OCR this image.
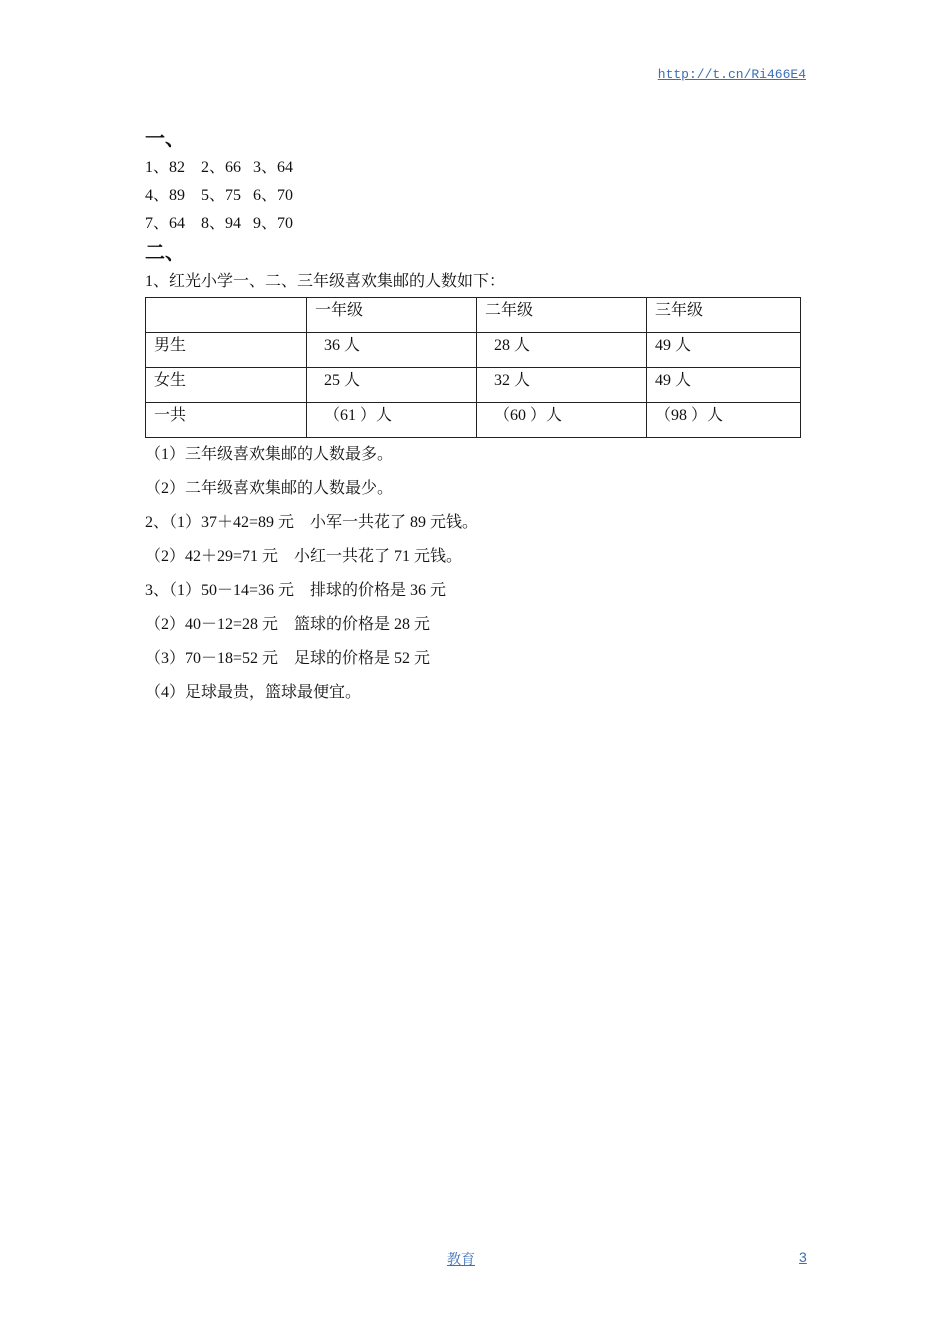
http://t.cn/Ri466E4
一、
1、82    2、66   3、64
4、89    5、75   6、70
7、64    8、94   9、70
二、
1、红光小学一、二、三年级喜欢集邮的人数如下：
	一年级	二年级	三年级
男生	36 人	28 人	49 人
女生	25 人	32 人	49 人
一共	（61 ）人	（60 ）人	（98 ）人
（1）三年级喜欢集邮的人数最多。
（2）二年级喜欢集邮的人数最少。
2、（1）37＋42=89 元    小军一共花了 89 元钱。
（2）42＋29=71 元    小红一共花了 71 元钱。
3、（1）50－14=36 元    排球的价格是 36 元
（2）40－12=28 元    篮球的价格是 28 元
（3）70－18=52 元    足球的价格是 52 元
（4）足球最贵，篮球最便宜。
教育	3
